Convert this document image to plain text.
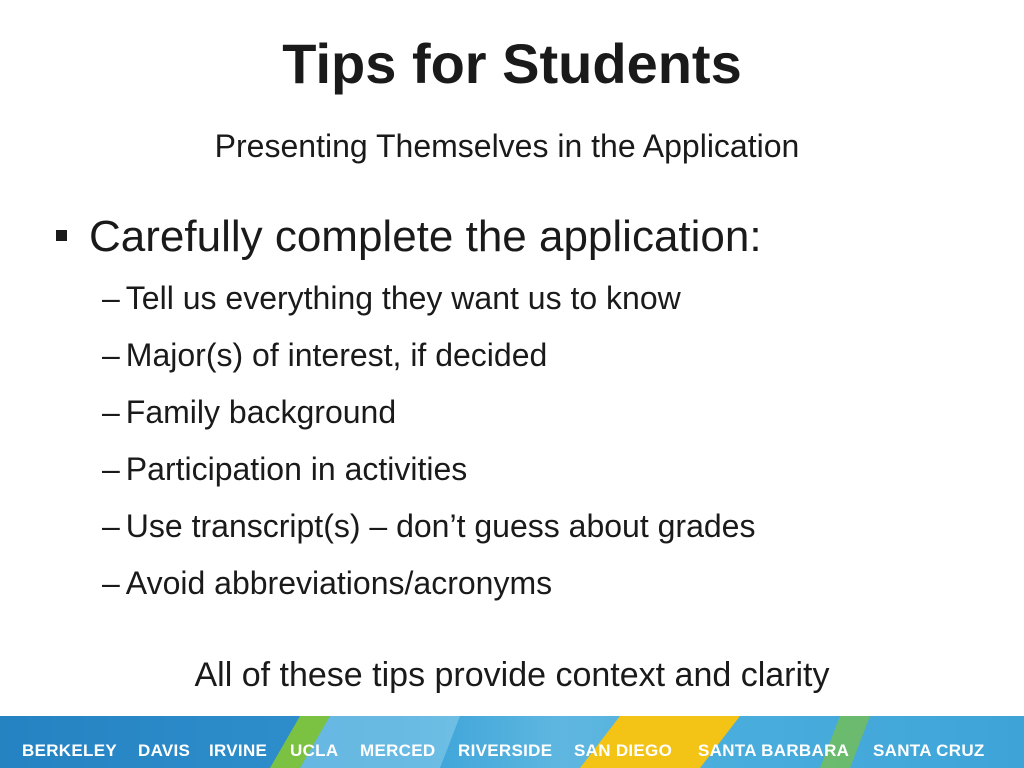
Tips for Students
Presenting Themselves in the Application
Carefully complete the application:
– Tell us everything they want us to know
– Major(s) of interest, if decided
– Family background
– Participation in activities
– Use transcript(s) – don’t guess about grades
– Avoid abbreviations/acronyms
All of these tips provide context and clarity
BERKELEY DAVIS IRVINE UCLA MERCED RIVERSIDE SAN DIEGO SANTA BARBARA SANTA CRUZ
